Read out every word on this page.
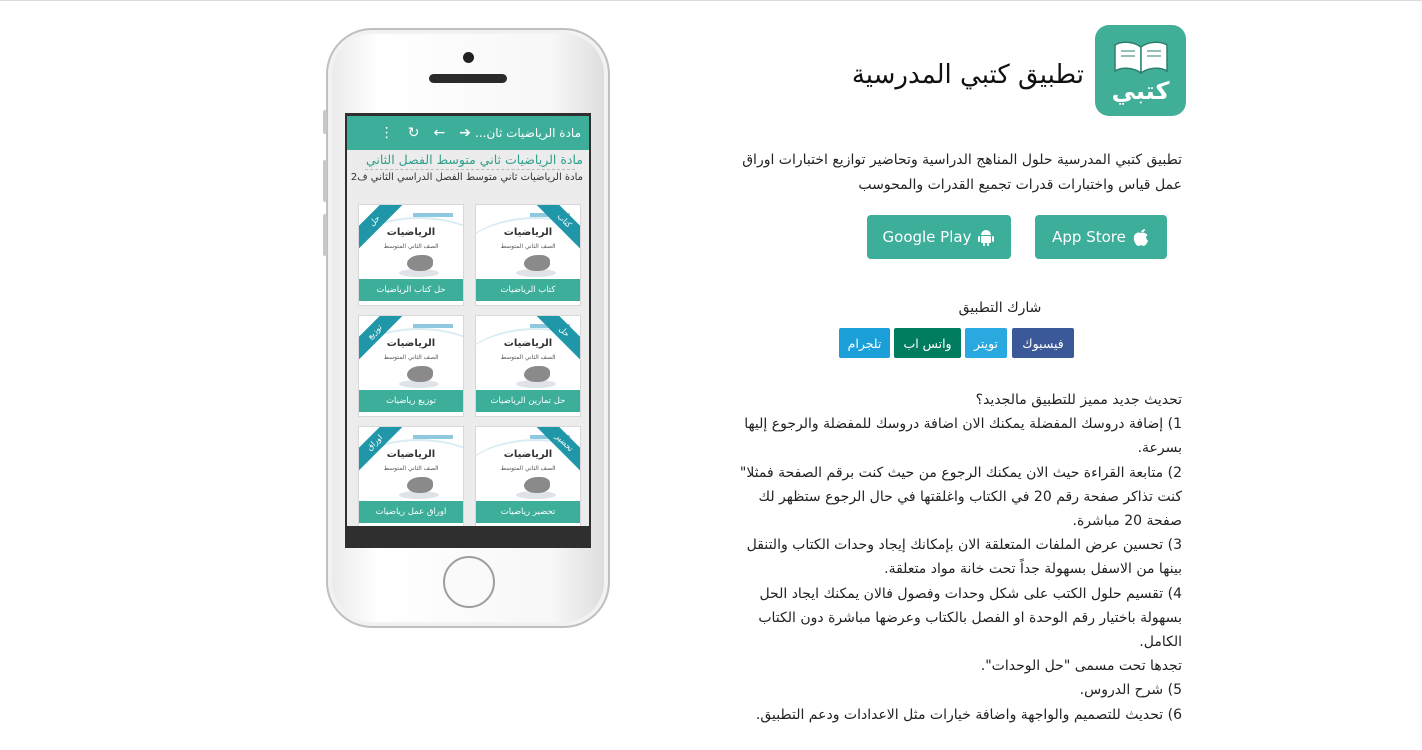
مادة الرياضيات ثان...
➔
←
↻
⋮
مادة الرياضيات ثاني متوسط الفصل الثاني
مادة الرياضيات ثاني متوسط الفصل الدراسي الثاني ف2
الرياضيات
الصف الثاني المتوسط
كتاب الرياضيات
كتاب
الرياضيات
الصف الثاني المتوسط
حل كتاب الرياضيات
حل
الرياضيات
الصف الثاني المتوسط
حل تمارين الرياضيات
حل
الرياضيات
الصف الثاني المتوسط
توزيع رياضيات
توزيع
الرياضيات
الصف الثاني المتوسط
تحضير رياضيات
تحضير
الرياضيات
الصف الثاني المتوسط
اوراق عمل رياضيات
اوراق
كتبي
تطبيق كتبي المدرسية
تطبيق كتبي المدرسية حلول المناهج الدراسية وتحاضير توازيع اختبارات اوراق عمل قياس واختبارات قدرات تجميع القدرات والمحوسب
App Store
Google Play
شارك التطبيق
فيسبوك
تويتر
واتس اب
تلجرام
تحديث جديد مميز للتطبيق مالجديد؟
1) إضافة دروسك المفضلة يمكنك الان اضافة دروسك للمفضلة والرجوع إليها بسرعة.
2) متابعة القراءة حيث الان يمكنك الرجوع من حيث كنت برقم الصفحة فمثلا" كنت تذاكر صفحة رقم 20 في الكتاب واغلقتها في حال الرجوع ستظهر لك صفحة 20 مباشرة.
3) تحسين عرض الملفات المتعلقة الان بإمكانك إيجاد وحدات الكتاب والتنقل بينها من الاسفل بسهولة جداً تحت خانة مواد متعلقة.
4) تقسيم حلول الكتب على شكل وحدات وفصول فالان يمكنك ايجاد الحل بسهولة باختيار رقم الوحدة او الفصل بالكتاب وعرضها مباشرة دون الكتاب الكامل.
تجدها تحت مسمى "حل الوحدات".
5) شرح الدروس.
6) تحديث للتصميم والواجهة واضافة خيارات مثل الاعدادات ودعم التطبيق.
